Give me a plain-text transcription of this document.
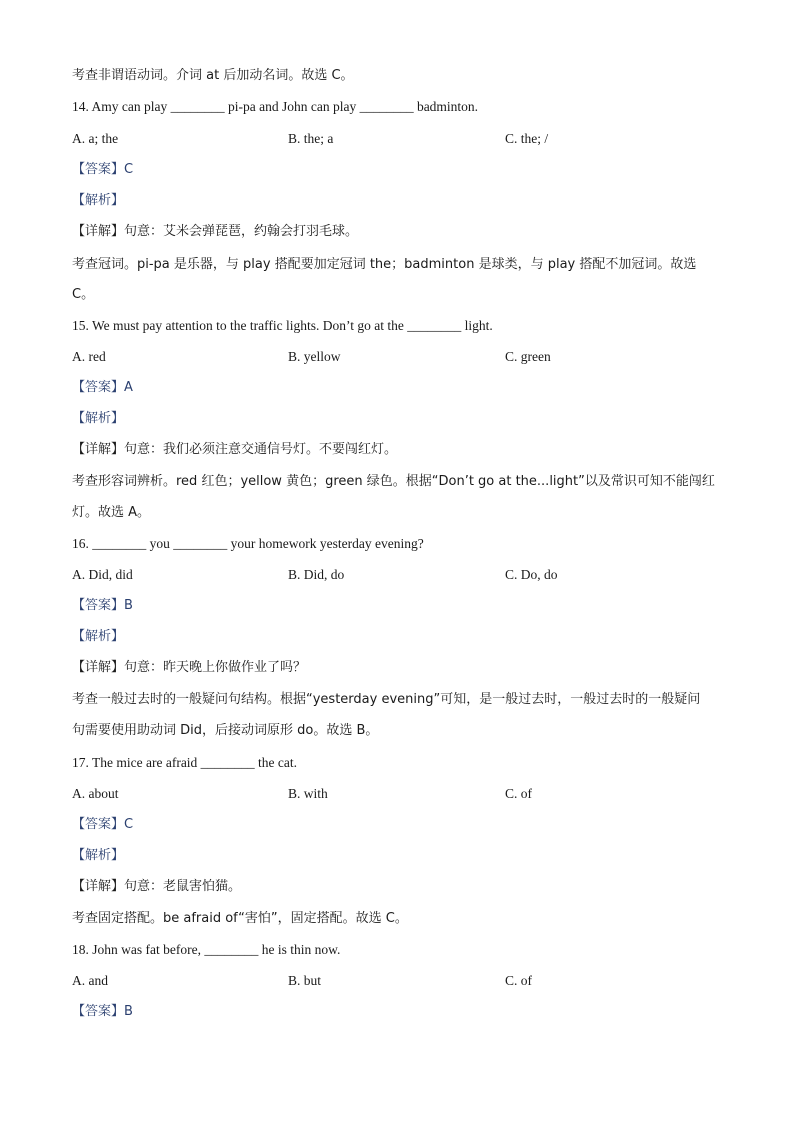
考查非谓语动词。介词 at 后加动名词。故选 C。
14. Amy can play ________ pi-pa and John can play ________ badminton.
A. a; the	B. the; a	C. the; /
【答案】C
【解析】
【详解】句意：艾米会弹琵琶，约翰会打羽毛球。
考查冠词。pi-pa 是乐器，与 play 搭配要加定冠词 the；badminton 是球类，与 play 搭配不加冠词。故选
C。
15. We must pay attention to the traffic lights. Don’t go at the ________ light.
A. red	B. yellow	C. green
【答案】A
【解析】
【详解】句意：我们必须注意交通信号灯。不要闯红灯。
考查形容词辨析。red 红色；yellow 黄色；green 绿色。根据“Don’t go at the...light”以及常识可知不能闯红
灯。故选 A。
16. ________ you ________ your homework yesterday evening?
A. Did, did	B. Did, do	C. Do, do
【答案】B
【解析】
【详解】句意：昨天晚上你做作业了吗？
考查一般过去时的一般疑问句结构。根据“yesterday evening”可知，是一般过去时，一般过去时的一般疑问
句需要使用助动词 Did，后接动词原形 do。故选 B。
17. The mice are afraid ________ the cat.
A. about	B. with	C. of
【答案】C
【解析】
【详解】句意：老鼠害怕猫。
考查固定搭配。be afraid of“害怕”，固定搭配。故选 C。
18. John was fat before, ________ he is thin now.
A. and	B. but	C. of
【答案】B
